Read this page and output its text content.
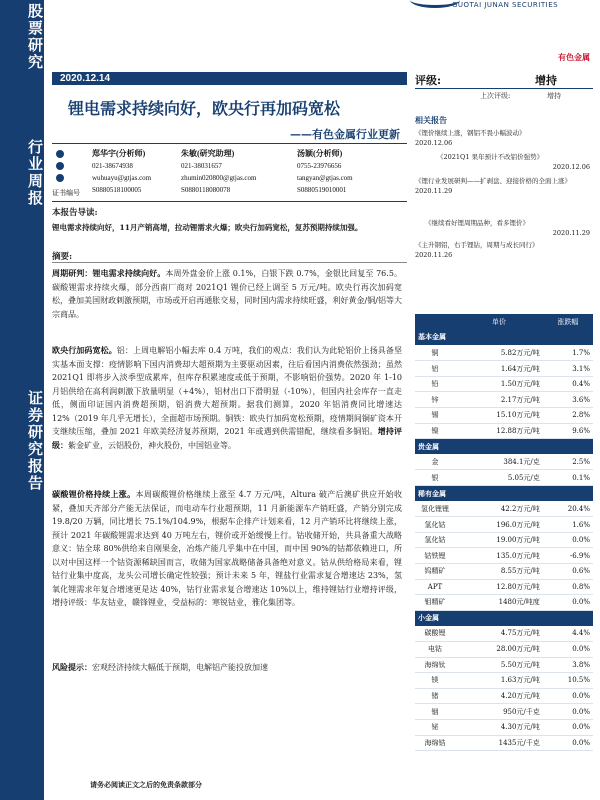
股票研究
行业周报
证券研究报告
GUOTAI JUNAN SECURITIES
有色金属
2020.12.14
锂电需求持续向好，欧央行再加码宽松
——有色金属行业更新
郑华宇(分析师)
021-38674938
wuhuayu@gtjas.com
S0880518100005
朱敏(研究助理)
021-38031657
zhumin020800@gtjas.com
S0880118080078
汤颖(分析师)
0755-23976656
tangyan@gtjas.com
S0880519010001
证书编号
本报告导读:
锂电需求持续向好，11月产销高增，拉动锂需求火爆；欧央行加码宽松，复苏预期持续加强。
摘要:
周期研判：锂电需求持续向好。本周外盘金价上涨 0.1%，白银下跌 0.7%，金银比回复至 76.5。碳酸锂需求持续火爆，部分西南厂商对 2021Q1 锂价已经上调至 5 万元/吨。欧央行再次加码宽松，叠加美国财政刺激预期，市场或开启再通胀交易，同时国内需求持续旺盛，利好黄金/铜/铝等大宗商品。
欧央行加码宽松。铝：上周电解铝小幅去库 0.4 万吨，我们的观点：我们认为此轮铝价上扬具备坚实基本面支撑：疫情影响下国内消费却大超预期为主要驱动因素，往后看国内消费依然强劲；虽然 2021Q1 即将步入淡季型成累库，但库存积累速度或低于预期，不影响铝价强势。2020 年 1-10 月铝供给在高利润刺激下放量明显（+4%），铝材出口下滑明显（-10%），但国内社会库存一直走低，侧面印证国内消费超预期，铝消费大超预期。据我们测算，2020 年铝消费同比增速达 12%（2019 年几乎无增长），全面超市场预期。铜铁：欧央行加码宽松预期，疫情期间铜矿资本开支继续压缩，叠加 2021 年欧美经济复苏预期，2021 年或遇到供需错配，继续看多铜铝。增持评级：紫金矿业，云铝股份，神火股份，中国铝业等。
碳酸锂价格持续上涨。本周碳酸锂价格继续上涨至 4.7 万元/吨，Altura 破产后澳矿供应开始收紧，叠加天齐部分产能无法保证，而电动车行业超预期，11 月新能源车产销旺盛，产销分别完成 19.8/20 万辆，同比增长 75.1%/104.9%，根据车企排产计划来看，12 月产销环比将继续上涨，预计 2021 年碳酸锂需求达到 40 万吨左右，锂价或开始缓慢上行。钴收储开始，共具备重大战略意义：钴全球 80%供给来自刚果金，冶炼产能几乎集中在中国，而中国 90%的钴都依赖进口，所以对中国这样一个钴资源稀缺国而言，收储为国家战略储备具备绝对意义。钴从供给格局来看，锂钴行业集中度高，龙头公司增长确定性较强；预计未来 5 年，锂盐行业需求复合增速达 23%，氢氧化锂需求年复合增速更是达 40%，钴行业需求复合增速达 10%以上，维持锂钴行业增持评级，增持评级：华友钴业，赣锋锂业，受益标的：寒锐钴业，雅化集团等。
风险提示：宏观经济持续大幅低于预期，电解铝产能投放加速
评级:	增持
上次评级:	增持
相关报告
《锂价继续上涨，钢铝不畏小幅波动》
2020.12.06
《2021Q1 果年预计不改铝价强势》
2020.12.06
《锂行业发展研判——扩剥盘、迎接价格的全面上涨》
2020.11.29
《继续看好锂周期品种，看多锂价》
2020.11.29
《主升钢铝，右手锂钴，周期与成长同行》
2020.11.26
	单价	涨跌幅
基本金属		
铜	5.82万元/吨	1.7%
铝	1.64万元/吨	3.1%
铅	1.50万元/吨	0.4%
锌	2.17万元/吨	3.6%
锡	15.10万元/吨	2.8%
镍	12.88万元/吨	9.6%
贵金属		
金	384.1元/克	2.5%
银	5.05元/克	0.1%
稀有金属		
氢化锂锂	42.2万元/吨	20.4%
氢化钴	196.0万元/吨	1.6%
氢化钴	19.00万元/吨	0.0%
钴铁锂	135.0万元/吨	-6.9%
钨精矿	8.55万元/吨	0.6%
APT	12.80万元/吨	0.8%
钼精矿	1480元/吨度	0.0%
小金属		
碳酸锂	4.75万元/吨	4.4%
电钴	28.00万元/吨	0.0%
海绵钛	5.50万元/吨	3.8%
镁	1.63万元/吨	10.5%
锗	4.20万元/吨	0.0%
铟	950元/千克	0.0%
铋	4.30万元/吨	0.0%
海绵锆	1435元/千克	0.0%
请务必阅读正文之后的免责条款部分
